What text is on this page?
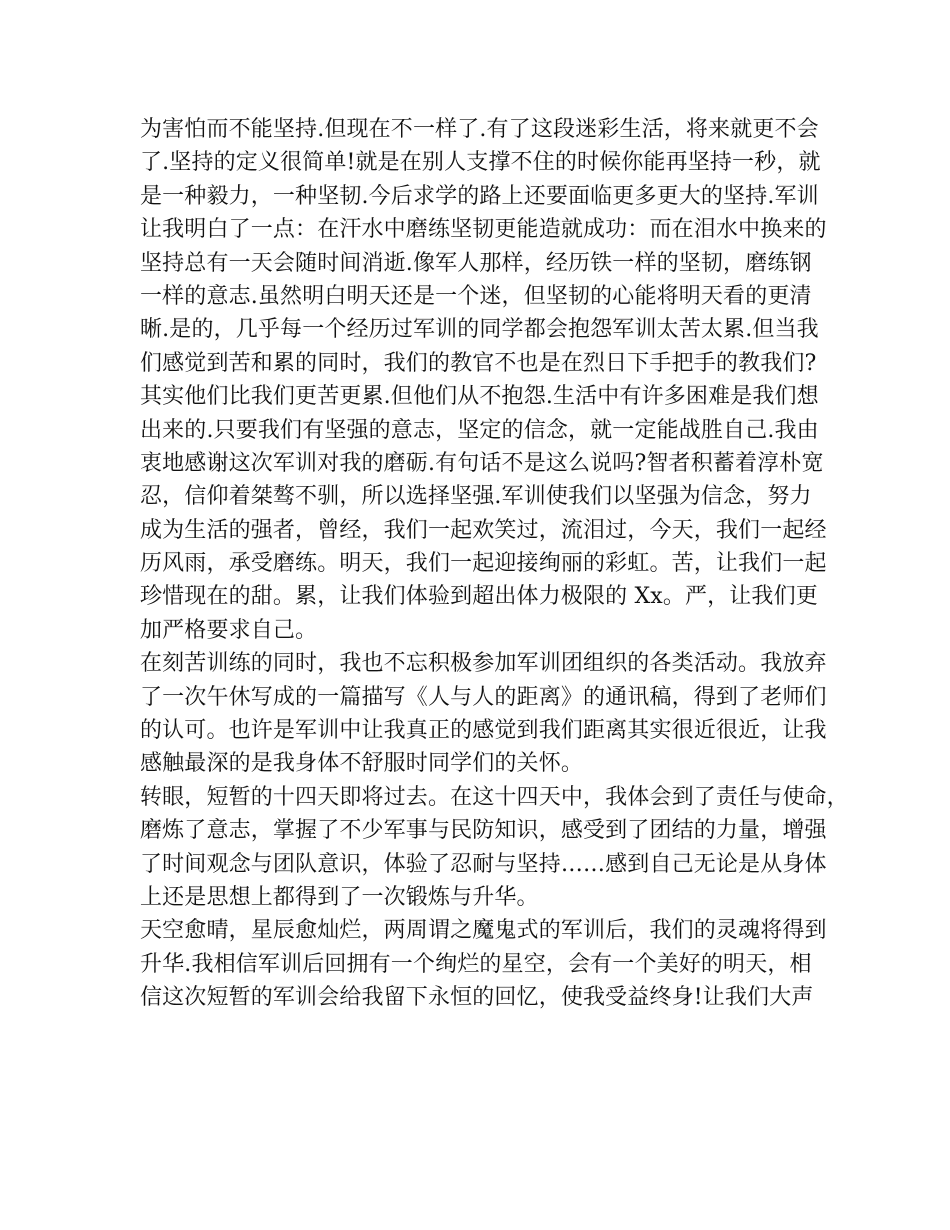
为害怕而不能坚持.但现在不一样了.有了这段迷彩生活，将来就更不会
了.坚持的定义很简单!就是在别人支撑不住的时候你能再坚持一秒，就
是一种毅力，一种坚韧.今后求学的路上还要面临更多更大的坚持.军训
让我明白了一点：在汗水中磨练坚韧更能造就成功：而在泪水中换来的
坚持总有一天会随时间消逝.像军人那样，经历铁一样的坚韧，磨练钢
一样的意志.虽然明白明天还是一个迷，但坚韧的心能将明天看的更清
晰.是的，几乎每一个经历过军训的同学都会抱怨军训太苦太累.但当我
们感觉到苦和累的同时，我们的教官不也是在烈日下手把手的教我们?
其实他们比我们更苦更累.但他们从不抱怨.生活中有许多困难是我们想
出来的.只要我们有坚强的意志，坚定的信念，就一定能战胜自己.我由
衷地感谢这次军训对我的磨砺.有句话不是这么说吗?智者积蓄着淳朴宽
忍，信仰着桀骜不驯，所以选择坚强.军训使我们以坚强为信念，努力
成为生活的强者，曾经，我们一起欢笑过，流泪过，今天，我们一起经
历风雨，承受磨练。明天，我们一起迎接绚丽的彩虹。苦，让我们一起
珍惜现在的甜。累，让我们体验到超出体力极限的 Xx。严，让我们更
加严格要求自己。
在刻苦训练的同时，我也不忘积极参加军训团组织的各类活动。我放弃
了一次午休写成的一篇描写《人与人的距离》的通讯稿，得到了老师们
的认可。也许是军训中让我真正的感觉到我们距离其实很近很近，让我
感触最深的是我身体不舒服时同学们的关怀。
转眼，短暂的十四天即将过去。在这十四天中，我体会到了责任与使命，
磨炼了意志，掌握了不少军事与民防知识，感受到了团结的力量，增强
了时间观念与团队意识，体验了忍耐与坚持……感到自己无论是从身体
上还是思想上都得到了一次锻炼与升华。
天空愈晴，星辰愈灿烂，两周谓之魔鬼式的军训后，我们的灵魂将得到
升华.我相信军训后回拥有一个绚烂的星空，会有一个美好的明天，相
信这次短暂的军训会给我留下永恒的回忆，使我受益终身!让我们大声
